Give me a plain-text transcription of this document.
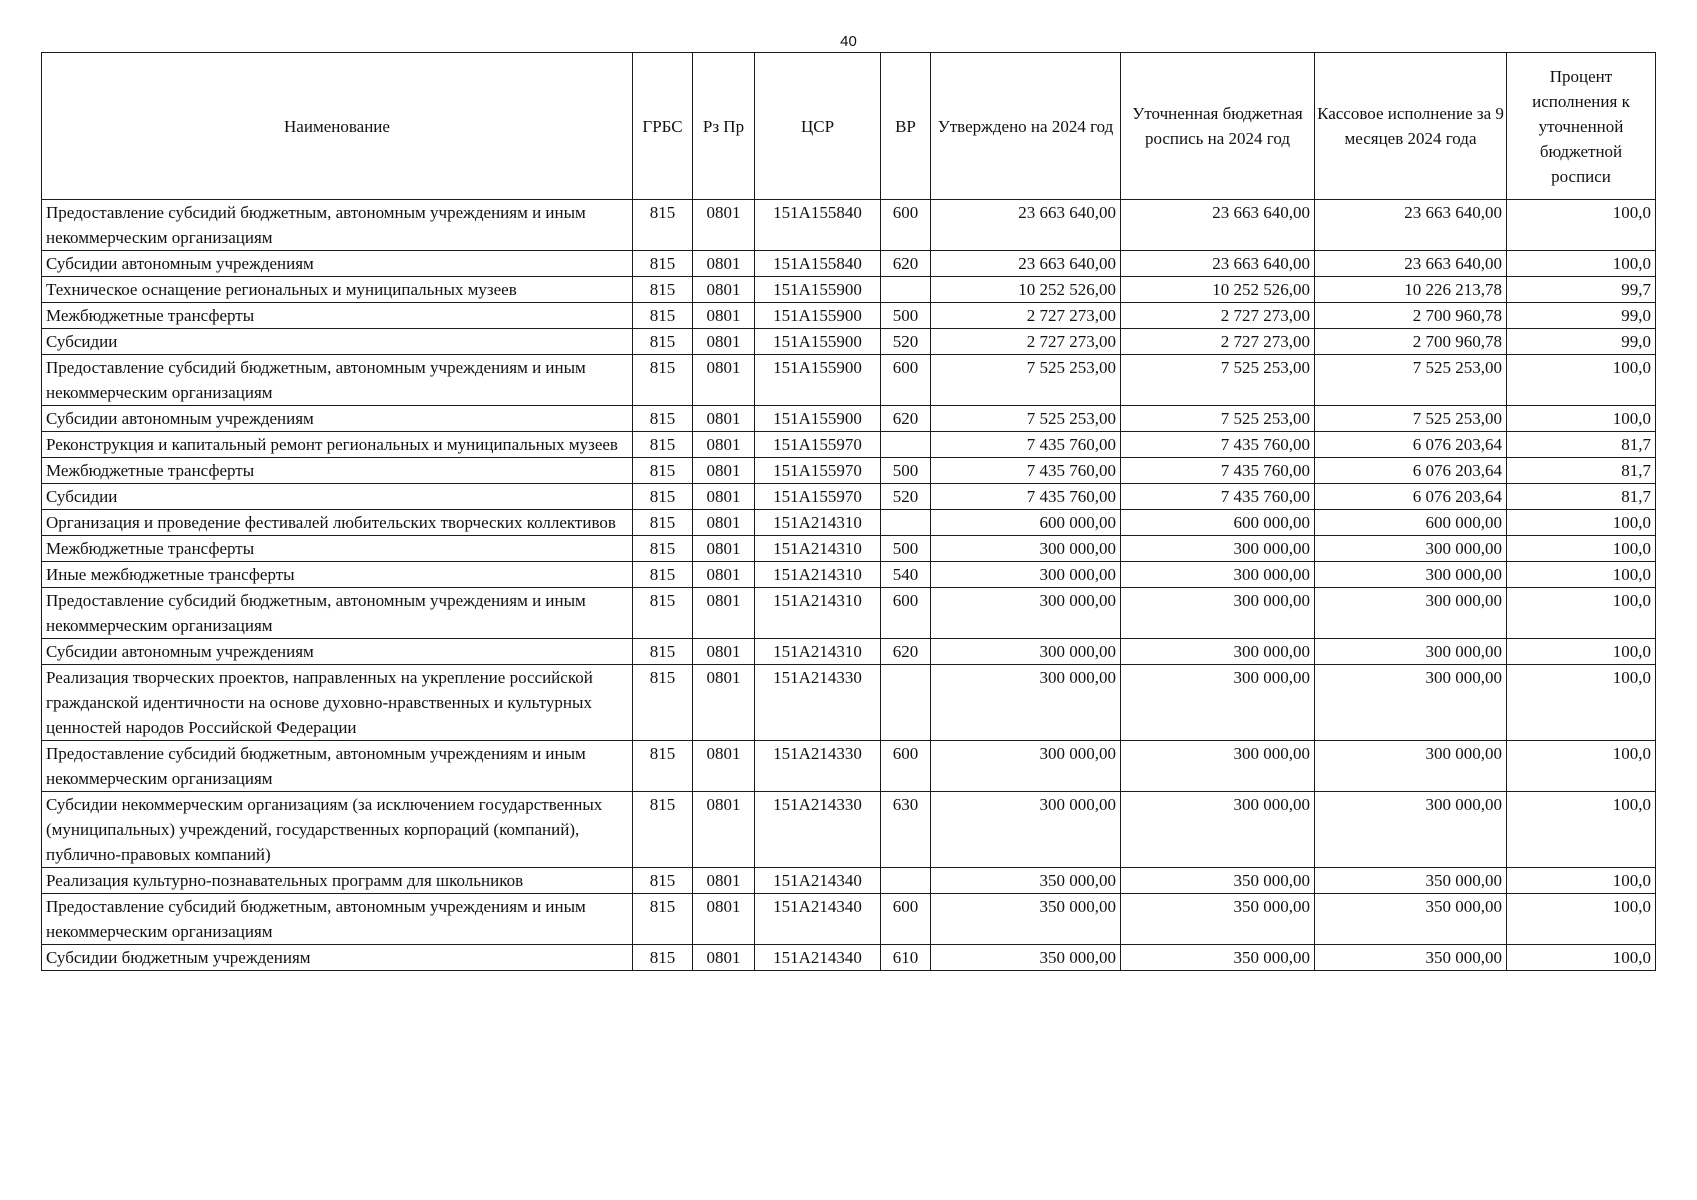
40
Наименование	ГРБС	Рз Пр	ЦСР	ВР	Утверждено на 2024 год	Уточненная бюджетная роспись на 2024 год	Кассовое исполнение за 9 месяцев 2024 года	Процент исполнения к уточненной бюджетной росписи
Предоставление субсидий бюджетным, автономным учреждениям и иным некоммерческим организациям	815	0801	151A155840	600	23 663 640,00	23 663 640,00	23 663 640,00	100,0
Субсидии автономным учреждениям	815	0801	151A155840	620	23 663 640,00	23 663 640,00	23 663 640,00	100,0
Техническое оснащение региональных и муниципальных музеев	815	0801	151A155900		10 252 526,00	10 252 526,00	10 226 213,78	99,7
Межбюджетные трансферты	815	0801	151A155900	500	2 727 273,00	2 727 273,00	2 700 960,78	99,0
Субсидии	815	0801	151A155900	520	2 727 273,00	2 727 273,00	2 700 960,78	99,0
Предоставление субсидий бюджетным, автономным учреждениям и иным некоммерческим организациям	815	0801	151A155900	600	7 525 253,00	7 525 253,00	7 525 253,00	100,0
Субсидии автономным учреждениям	815	0801	151A155900	620	7 525 253,00	7 525 253,00	7 525 253,00	100,0
Реконструкция и капитальный ремонт региональных и муниципальных музеев	815	0801	151A155970		7 435 760,00	7 435 760,00	6 076 203,64	81,7
Межбюджетные трансферты	815	0801	151A155970	500	7 435 760,00	7 435 760,00	6 076 203,64	81,7
Субсидии	815	0801	151A155970	520	7 435 760,00	7 435 760,00	6 076 203,64	81,7
Организация и проведение фестивалей любительских творческих коллективов	815	0801	151A214310		600 000,00	600 000,00	600 000,00	100,0
Межбюджетные трансферты	815	0801	151A214310	500	300 000,00	300 000,00	300 000,00	100,0
Иные межбюджетные трансферты	815	0801	151A214310	540	300 000,00	300 000,00	300 000,00	100,0
Предоставление субсидий бюджетным, автономным учреждениям и иным некоммерческим организациям	815	0801	151A214310	600	300 000,00	300 000,00	300 000,00	100,0
Субсидии автономным учреждениям	815	0801	151A214310	620	300 000,00	300 000,00	300 000,00	100,0
Реализация творческих проектов, направленных на укрепление российской гражданской идентичности на основе духовно-нравственных и культурных ценностей народов Российской Федерации	815	0801	151A214330		300 000,00	300 000,00	300 000,00	100,0
Предоставление субсидий бюджетным, автономным учреждениям и иным некоммерческим организациям	815	0801	151A214330	600	300 000,00	300 000,00	300 000,00	100,0
Субсидии некоммерческим организациям (за исключением государственных (муниципальных) учреждений, государственных корпораций (компаний), публично-правовых компаний)	815	0801	151A214330	630	300 000,00	300 000,00	300 000,00	100,0
Реализация культурно-познавательных программ для школьников	815	0801	151A214340		350 000,00	350 000,00	350 000,00	100,0
Предоставление субсидий бюджетным, автономным учреждениям и иным некоммерческим организациям	815	0801	151A214340	600	350 000,00	350 000,00	350 000,00	100,0
Субсидии бюджетным учреждениям	815	0801	151A214340	610	350 000,00	350 000,00	350 000,00	100,0
